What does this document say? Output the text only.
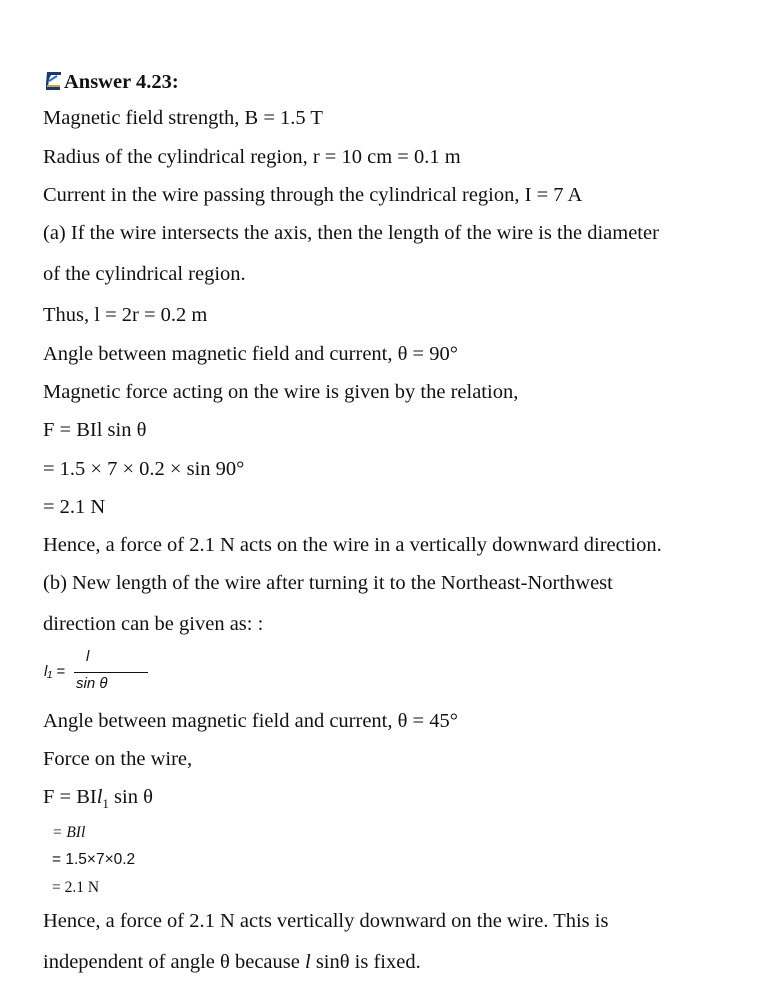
Answer 4.23:
Magnetic field strength, B = 1.5 T
Radius of the cylindrical region, r = 10 cm = 0.1 m
Current in the wire passing through the cylindrical region, I = 7 A
(a) If the wire intersects the axis, then the length of the wire is the diameter
of the cylindrical region.
Thus, l = 2r = 0.2 m
Angle between magnetic field and current, θ = 90°
Magnetic force acting on the wire is given by the relation,
F = BIl sin θ
= 1.5 × 7 × 0.2 × sin 90°
= 2.1 N
Hence, a force of 2.1 N acts on the wire in a vertically downward direction.
(b) New length of the wire after turning it to the Northeast-Northwest
direction can be given as: :
l₁ =
l
sin θ
Angle between magnetic field and current, θ = 45°
Force on the wire,
F = BIl$_1$ sin θ
= BIl
= 1.5×7×0.2
= 2.1 N
Hence, a force of 2.1 N acts vertically downward on the wire. This is
independent of angle θ because l sinθ is fixed.
